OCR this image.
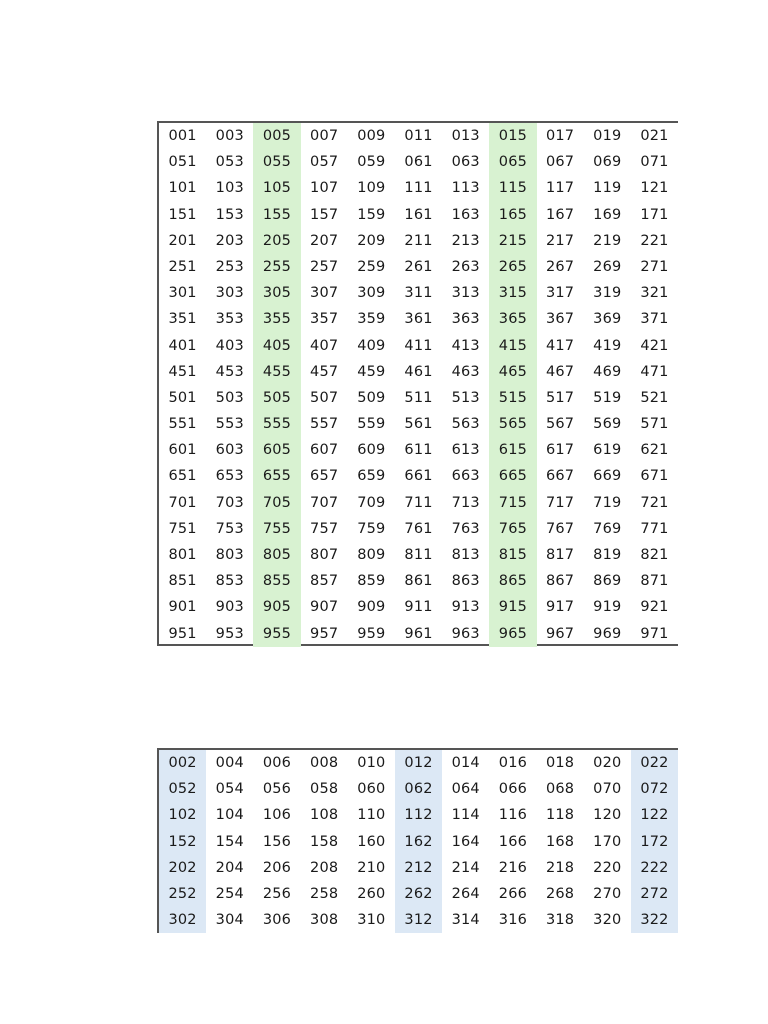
001	003	005	007	009	011	013	015	017	019	021
051	053	055	057	059	061	063	065	067	069	071
101	103	105	107	109	111	113	115	117	119	121
151	153	155	157	159	161	163	165	167	169	171
201	203	205	207	209	211	213	215	217	219	221
251	253	255	257	259	261	263	265	267	269	271
301	303	305	307	309	311	313	315	317	319	321
351	353	355	357	359	361	363	365	367	369	371
401	403	405	407	409	411	413	415	417	419	421
451	453	455	457	459	461	463	465	467	469	471
501	503	505	507	509	511	513	515	517	519	521
551	553	555	557	559	561	563	565	567	569	571
601	603	605	607	609	611	613	615	617	619	621
651	653	655	657	659	661	663	665	667	669	671
701	703	705	707	709	711	713	715	717	719	721
751	753	755	757	759	761	763	765	767	769	771
801	803	805	807	809	811	813	815	817	819	821
851	853	855	857	859	861	863	865	867	869	871
901	903	905	907	909	911	913	915	917	919	921
951	953	955	957	959	961	963	965	967	969	971
002	004	006	008	010	012	014	016	018	020	022
052	054	056	058	060	062	064	066	068	070	072
102	104	106	108	110	112	114	116	118	120	122
152	154	156	158	160	162	164	166	168	170	172
202	204	206	208	210	212	214	216	218	220	222
252	254	256	258	260	262	264	266	268	270	272
302	304	306	308	310	312	314	316	318	320	322
